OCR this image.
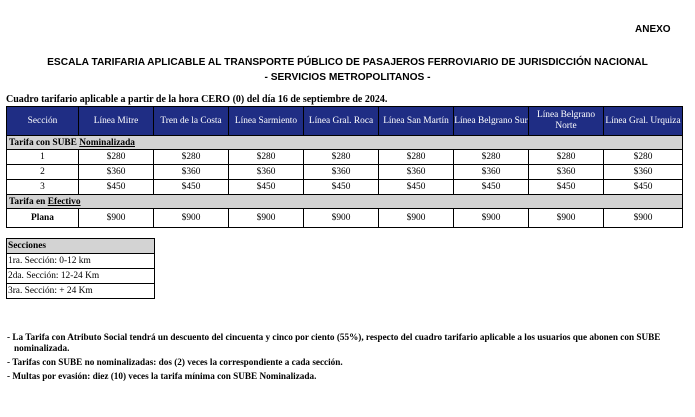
ANEXO
ESCALA TARIFARIA APLICABLE AL TRANSPORTE PÚBLICO DE PASAJEROS FERROVIARIO DE JURISDICCIÓN NACIONAL
- SERVICIOS METROPOLITANOS -
Cuadro tarifario aplicable a partir de la hora CERO (0) del día 16 de septiembre de 2024.
Sección	Línea Mitre	Tren de la Costa	Línea Sarmiento	Línea Gral. Roca	Línea San Martín	Línea Belgrano Sur	Línea Belgrano Norte	Línea Gral. Urquiza
Tarifa con SUBE Nominalizada								
1	$280	$280	$280	$280	$280	$280	$280	$280
2	$360	$360	$360	$360	$360	$360	$360	$360
3	$450	$450	$450	$450	$450	$450	$450	$450
Tarifa en Efectivo								
Plana	$900	$900	$900	$900	$900	$900	$900	$900
Secciones
1ra. Sección: 0-12 km
2da. Sección: 12-24 Km
3ra. Sección: + 24 Km
- La Tarifa con Atributo Social tendrá un descuento del cincuenta y cinco por ciento (55%), respecto del cuadro tarifario aplicable a los usuarios que abonen con SUBE nominalizada.
- Tarifas con SUBE no nominalizadas: dos (2) veces la correspondiente a cada sección.
- Multas por evasión: diez (10) veces la tarifa mínima con SUBE Nominalizada.
